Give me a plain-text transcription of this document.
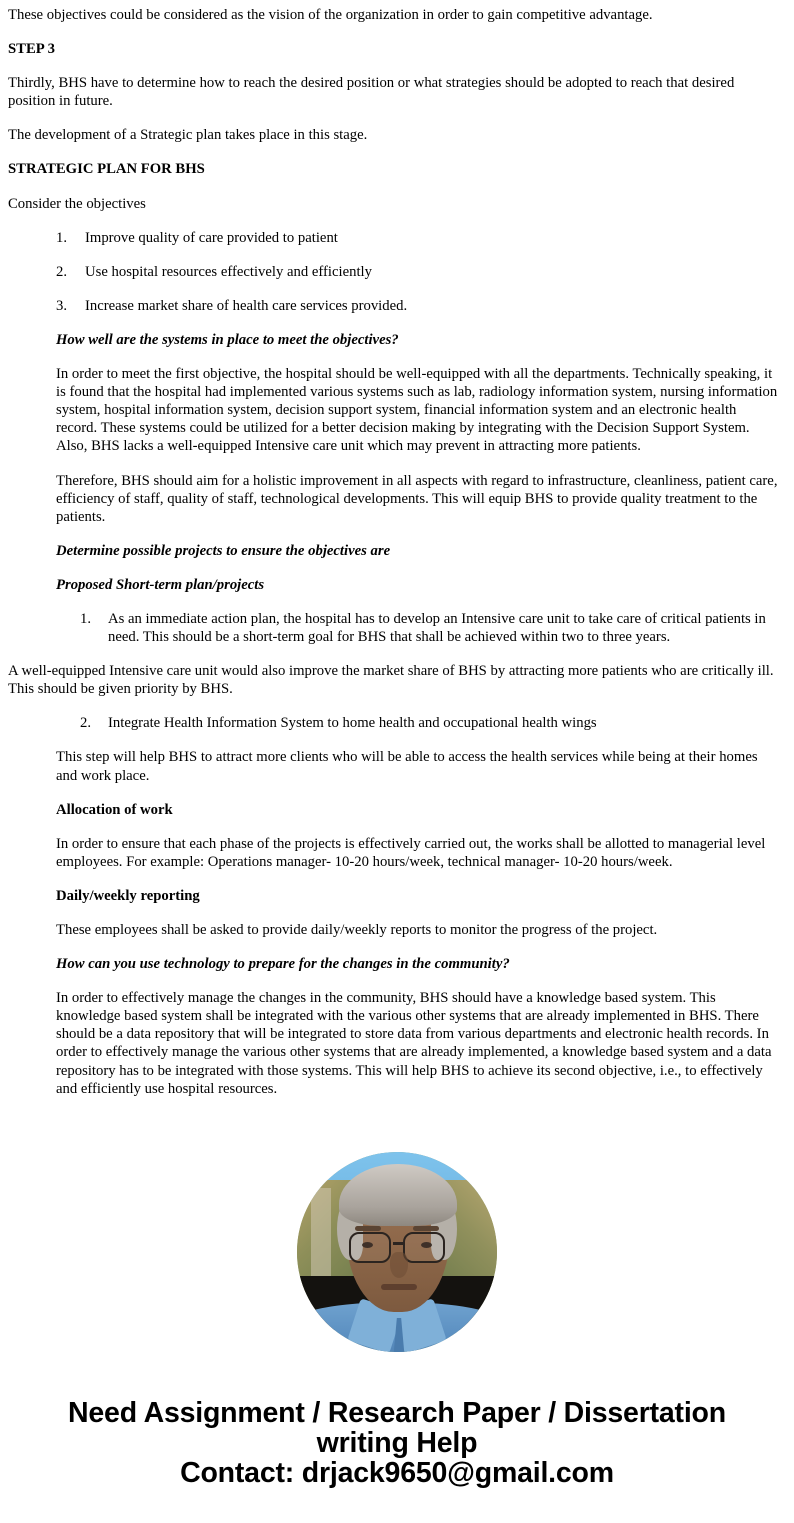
These objectives could be considered as the vision of the organization in order to gain competitive advantage.

STEP 3

Thirdly, BHS have to determine how to reach the desired position or what strategies should be adopted to reach that desired position in future.

The development of a Strategic plan takes place in this stage.

STRATEGIC PLAN FOR BHS

Consider the objectives

1.	Improve quality of care provided to patient
2.	Use hospital resources effectively and efficiently
3.	Increase market share of health care services provided.
How well are the systems in place to meet the objectives?

In order to meet the first objective, the hospital should be well-equipped with all the departments. Technically speaking, it is found that the hospital had implemented various systems such as lab, radiology information system, nursing information system, hospital information system, decision support system, financial information system and an electronic health record. These systems could be utilized for a better decision making by integrating with the Decision Support System. Also, BHS lacks a well-equipped Intensive care unit which may prevent in attracting more patients.

Therefore, BHS should aim for a holistic improvement in all aspects with regard to infrastructure, cleanliness, patient care, efficiency of staff, quality of staff, technological developments. This will equip BHS to provide quality treatment to the patients.

Determine possible projects to ensure the objectives are
Proposed Short-term plan/projects
1.	As an immediate action plan, the hospital has to develop an Intensive care unit to take care of critical patients in need. This should be a short-term goal for BHS that shall be achieved within two to three years.

A well-equipped Intensive care unit would also improve the market share of BHS by attracting more patients who are critically ill. This should be given priority by BHS.

2.	Integrate Health Information System to home health and occupational health wings

This step will help BHS to attract more clients who will be able to access the health services while being at their homes and work place.

Allocation of work

In order to ensure that each phase of the projects is effectively carried out, the works shall be allotted to managerial level employees. For example: Operations manager- 10-20 hours/week, technical manager- 10-20 hours/week.

Daily/weekly reporting

These employees shall be asked to provide daily/weekly reports to monitor the progress of the project.

How can you use technology to prepare for the changes in the community?

In order to effectively manage the changes in the community, BHS should have a knowledge based system. This knowledge based system shall be integrated with the various other systems that are already implemented in BHS. There should be a data repository that will be integrated to store data from various departments and electronic health records. In order to effectively manage the various other systems that are already implemented, a knowledge based system and a data repository has to be integrated with those systems. This will help BHS to achieve its second objective, i.e., to effectively and efficiently use hospital resources.

Need Assignment / Research Paper / Dissertation
writing Help
Contact: drjack9650@gmail.com
